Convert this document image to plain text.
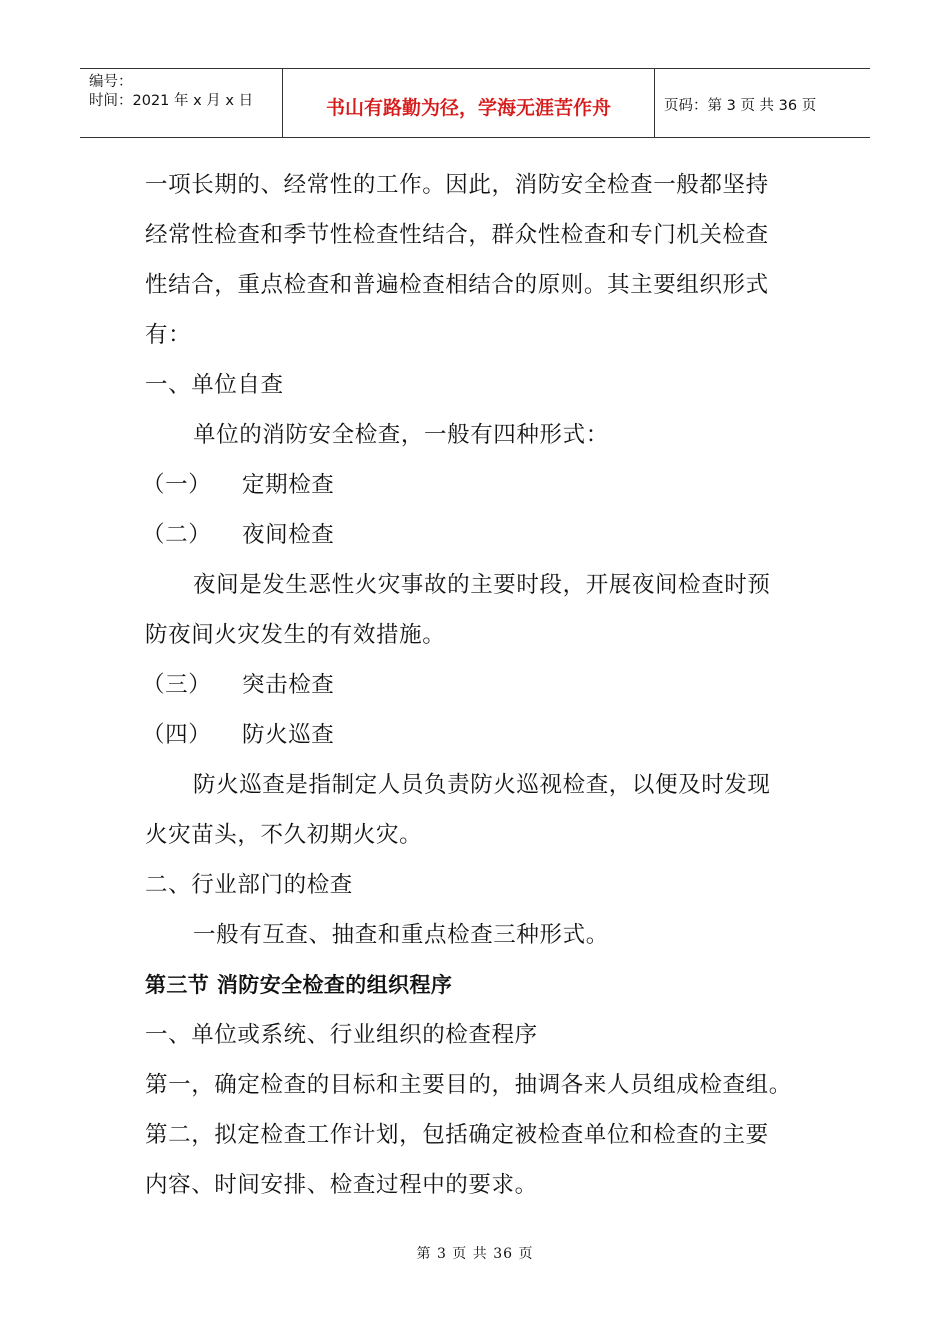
编号：
时间：2021 年 x 月 x 日	书山有路勤为径，学海无涯苦作舟	页码：第 3 页 共 36 页
一项长期的、经常性的工作。因此，消防安全检查一般都坚持
经常性检查和季节性检查性结合，群众性检查和专门机关检查
性结合，重点检查和普遍检查相结合的原则。其主要组织形式
有：
一、单位自查
单位的消防安全检查，一般有四种形式：
（一） 定期检查
（二） 夜间检查
夜间是发生恶性火灾事故的主要时段，开展夜间检查时预
防夜间火灾发生的有效措施。
（三） 突击检查
（四） 防火巡查
防火巡查是指制定人员负责防火巡视检查，以便及时发现
火灾苗头，不久初期火灾。
二、行业部门的检查
一般有互查、抽查和重点检查三种形式。
第三节 消防安全检查的组织程序
一、单位或系统、行业组织的检查程序
第一，确定检查的目标和主要目的，抽调各来人员组成检查组。
第二，拟定检查工作计划，包括确定被检查单位和检查的主要
内容、时间安排、检查过程中的要求。
第 3 页 共 36 页
